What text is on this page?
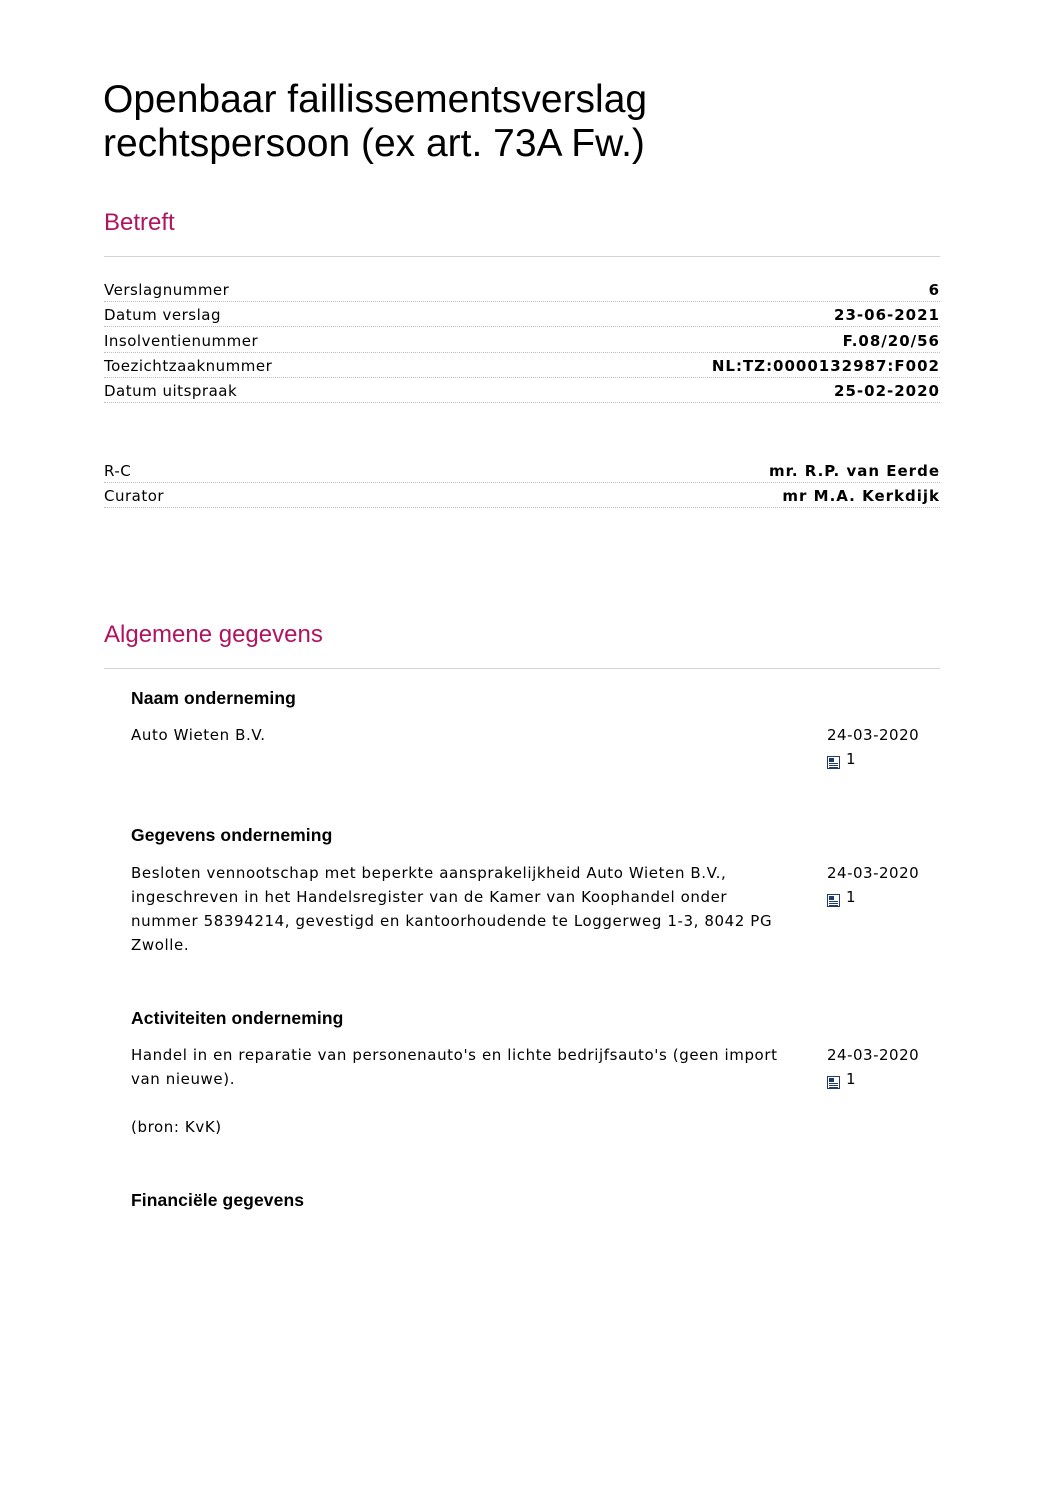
Openbaar faillissementsverslag
rechtspersoon (ex art. 73A Fw.)
Betreft
Verslagnummer	6
Datum verslag	23-06-2021
Insolventienummer	F.08/20/56
Toezichtzaaknummer	NL:TZ:0000132987:F002
Datum uitspraak	25-02-2020
R-C	mr. R.P. van Eerde
Curator	mr M.A. Kerkdijk
Algemene gegevens
Naam onderneming

Auto Wieten B.V.	24-03-2020
1
Gegevens onderneming

Besloten vennootschap met beperkte aansprakelijkheid Auto Wieten B.V., ingeschreven in het Handelsregister van de Kamer van Koophandel onder nummer 58394214, gevestigd en kantoorhoudende te Loggerweg 1-3, 8042 PG Zwolle.

24-03-2020
1
Activiteiten onderneming

Handel in en reparatie van personenauto's en lichte bedrijfsauto's (geen import van nieuwe).

(bron: KvK)

24-03-2020
1
Financiële gegevens
